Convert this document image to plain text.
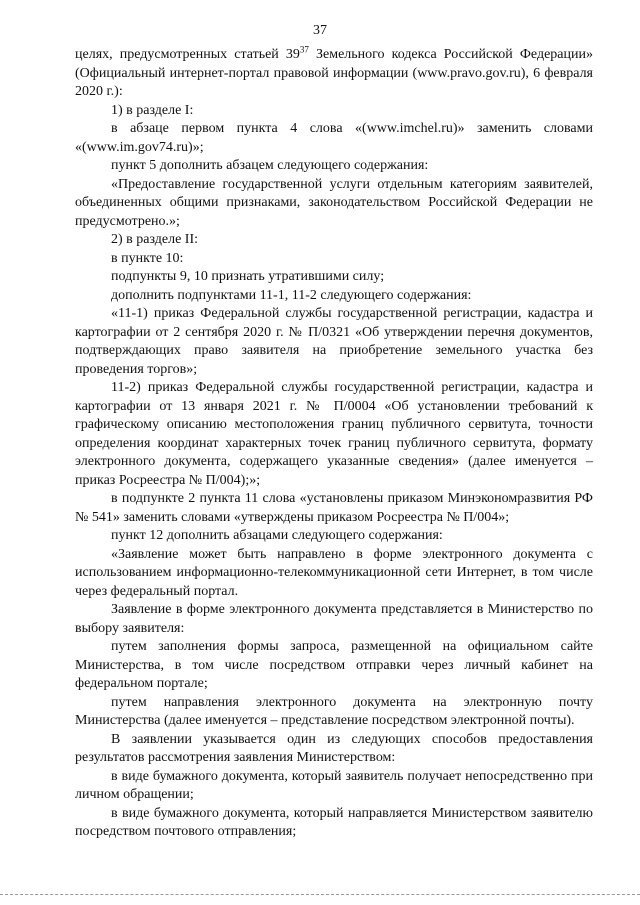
37

целях, предусмотренных статьей $39^{37}$ Земельного кодекса Российской Федерации» (Официальный интернет-портал правовой информации (www.pravo.gov.ru), 6 февраля 2020 г.):

1) в разделе I:

в абзаце первом пункта 4 слова «(www.imchel.ru)» заменить словами «(www.im.gov74.ru)»;

пункт 5 дополнить абзацем следующего содержания:

«Предоставление государственной услуги отдельным категориям заявителей, объединенных общими признаками, законодательством Российской Федерации не предусмотрено.»;

2) в разделе II:

в пункте 10:

подпункты 9, 10 признать утратившими силу;

дополнить подпунктами 11-1, 11-2 следующего содержания:

«11-1) приказ Федеральной службы государственной регистрации, кадастра и картографии от 2 сентября 2020 г. № П/0321 «Об утверждении перечня документов, подтверждающих право заявителя на приобретение земельного участка без проведения торгов»;

11-2) приказ Федеральной службы государственной регистрации, кадастра и картографии от 13 января 2021 г. № П/0004 «Об установлении требований к графическому описанию местоположения границ публичного сервитута, точности определения координат характерных точек границ публичного сервитута, формату электронного документа, содержащего указанные сведения» (далее именуется – приказ Росреестра № П/004);»;

в подпункте 2 пункта 11 слова «установлены приказом Минэкономразвития РФ № 541» заменить словами «утверждены приказом Росреестра № П/004»;

пункт 12 дополнить абзацами следующего содержания:

«Заявление может быть направлено в форме электронного документа с использованием информационно-телекоммуникационной сети Интернет, в том числе через федеральный портал.

Заявление в форме электронного документа представляется в Министерство по выбору заявителя:

путем заполнения формы запроса, размещенной на официальном сайте Министерства, в том числе посредством отправки через личный кабинет на федеральном портале;

путем направления электронного документа на электронную почту Министерства (далее именуется – представление посредством электронной почты).

В заявлении указывается один из следующих способов предоставления результатов рассмотрения заявления Министерством:

в виде бумажного документа, который заявитель получает непосредственно при личном обращении;

в виде бумажного документа, который направляется Министерством заявителю посредством почтового отправления;
